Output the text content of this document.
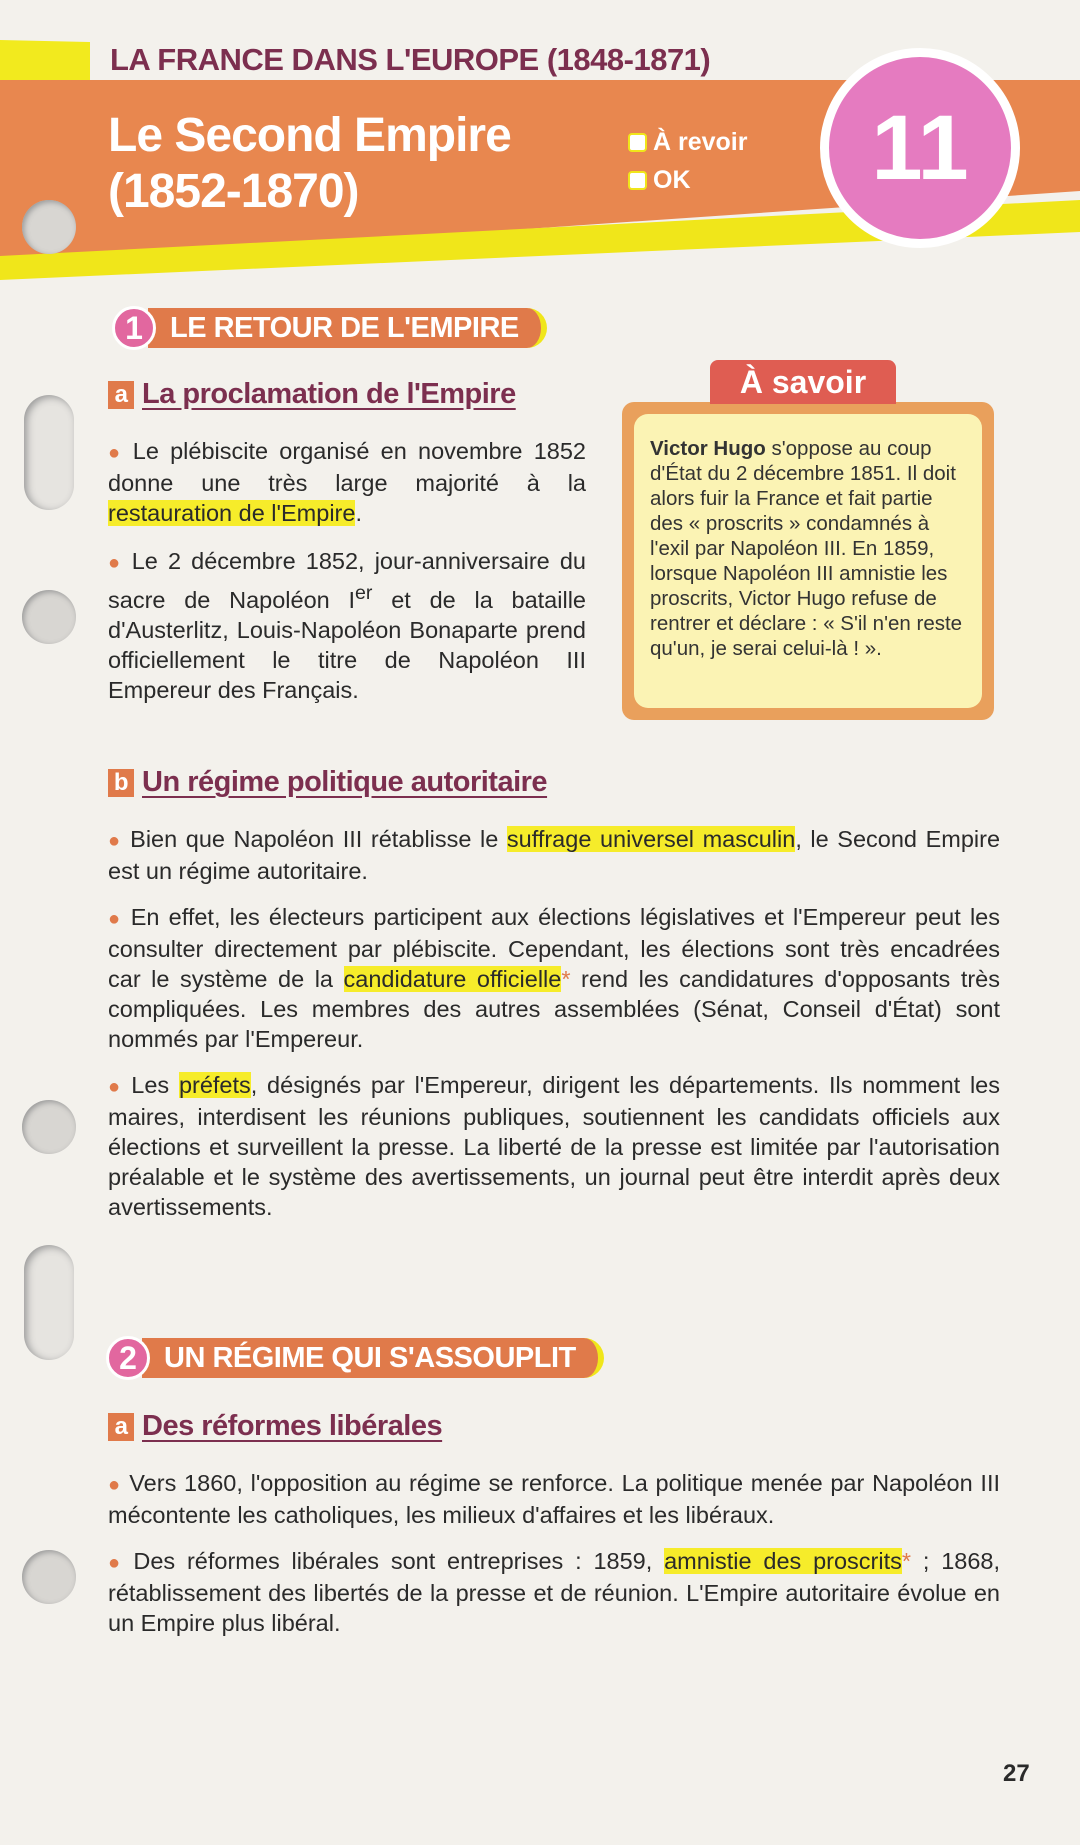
LA FRANCE DANS L'EUROPE (1848-1871)
Le Second Empire
(1852-1870)
À revoir
OK	11
1 LE RETOUR DE L'EMPIRE
a La proclamation de l'Empire

● Le plébiscite organisé en novembre 1852 donne une très large majorité à la restauration de l'Empire.

● Le 2 décembre 1852, jour-anniversaire du sacre de Napoléon Ier et de la bataille d'Austerlitz, Louis-Napoléon Bonaparte prend officiellement le titre de Napoléon III Empereur des Français.

Victor Hugo s'oppose au coup d'État du 2 décembre 1851. Il doit alors fuir la France et fait partie des « proscrits » condamnés à l'exil par Napoléon III. En 1859, lorsque Napoléon III amnistie les proscrits, Victor Hugo refuse de rentrer et déclare : « S'il n'en reste qu'un, je serai celui-là ! ».
À savoir
b Un régime politique autoritaire

● Bien que Napoléon III rétablisse le suffrage universel masculin, le Second Empire est un régime autoritaire.

● En effet, les électeurs participent aux élections législatives et l'Empereur peut les consulter directement par plébiscite. Cependant, les élections sont très encadrées car le système de la candidature officielle* rend les candidatures d'opposants très compliquées. Les membres des autres assemblées (Sénat, Conseil d'État) sont nommés par l'Empereur.

● Les préfets, désignés par l'Empereur, dirigent les départements. Ils nomment les maires, interdisent les réunions publiques, soutiennent les candidats officiels aux élections et surveillent la presse. La liberté de la presse est limitée par l'autorisation préalable et le système des avertissements, un journal peut être interdit après deux avertissements.

2 UN RÉGIME QUI S'ASSOUPLIT
a Des réformes libérales

● Vers 1860, l'opposition au régime se renforce. La politique menée par Napoléon III mécontente les catholiques, les milieux d'affaires et les libéraux.

● Des réformes libérales sont entreprises : 1859, amnistie des proscrits* ; 1868, rétablissement des libertés de la presse et de réunion. L'Empire autoritaire évolue en un Empire plus libéral.

27
